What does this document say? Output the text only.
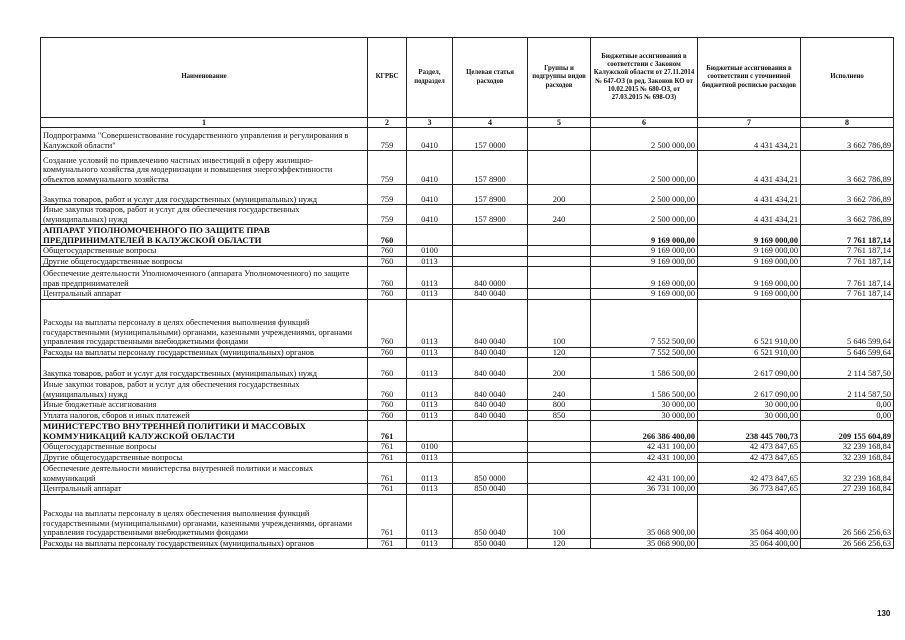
Наименование	КГРБС	Раздел, подраздел	Целевая статья расходов	Группы и подгруппы видов расходов	Бюджетные ассигнования в соответствии с Законом Калужской области от 27.11.2014 № 647-ОЗ (в ред. Законов КО от 10.02.2015 № 680-ОЗ, от 27.03.2015 № 698-ОЗ)	Бюджетные ассигнования в соответствии с уточненной бюджетной росписью расходов	Исполнено
1	2	3	4	5	6	7	8
Подпрограмма "Совершенствование государственного управления и регулирования в Калужской области"	759	0410	157 0000		2 500 000,00	4 431 434,21	3 662 786,89
Создание условий по привлечению частных инвестиций в сферу жилищно-коммунального хозяйства для модернизации и повышения энергоэффективности объектов коммунального хозяйства	759	0410	157 8900		2 500 000,00	4 431 434,21	3 662 786,89
Закупка товаров, работ и услуг для государственных (муниципальных) нужд	759	0410	157 8900	200	2 500 000,00	4 431 434,21	3 662 786,89
Иные закупки товаров, работ и услуг для обеспечения государственных (муниципальных) нужд	759	0410	157 8900	240	2 500 000,00	4 431 434,21	3 662 786,89
АППАРАТ УПОЛНОМОЧЕННОГО ПО ЗАЩИТЕ ПРАВ ПРЕДПРИНИМАТЕЛЕЙ В КАЛУЖСКОЙ ОБЛАСТИ	760				9 169 000,00	9 169 000,00	7 761 187,14
Общегосударственные вопросы	760	0100			9 169 000,00	9 169 000,00	7 761 187,14
Другие общегосударственные вопросы	760	0113			9 169 000,00	9 169 000,00	7 761 187,14
Обеспечение деятельности Уполномоченного (аппарата Уполномоченного) по защите прав предпринимателей	760	0113	840 0000		9 169 000,00	9 169 000,00	7 761 187,14
Центральный аппарат	760	0113	840 0040		9 169 000,00	9 169 000,00	7 761 187,14
Расходы на выплаты персоналу в целях обеспечения выполнения функций государственными (муниципальными) органами, казенными учреждениями, органами управления государственными внебюджетными фондами	760	0113	840 0040	100	7 552 500,00	6 521 910,00	5 646 599,64
Расходы на выплаты персоналу государственных (муниципальных) органов	760	0113	840 0040	120	7 552 500,00	6 521 910,00	5 646 599,64
Закупка товаров, работ и услуг для государственных (муниципальных) нужд	760	0113	840 0040	200	1 586 500,00	2 617 090,00	2 114 587,50
Иные закупки товаров, работ и услуг для обеспечения государственных (муниципальных) нужд	760	0113	840 0040	240	1 586 500,00	2 617 090,00	2 114 587,50
Иные бюджетные ассигнования	760	0113	840 0040	800	30 000,00	30 000,00	0,00
Уплата налогов, сборов и иных платежей	760	0113	840 0040	850	30 000,00	30 000,00	0,00
МИНИСТЕРСТВО ВНУТРЕННЕЙ ПОЛИТИКИ И МАССОВЫХ КОММУНИКАЦИЙ КАЛУЖСКОЙ ОБЛАСТИ	761				266 386 400,00	238 445 700,73	209 155 604,89
Общегосударственные вопросы	761	0100			42 431 100,00	42 473 847,65	32 239 168,84
Другие общегосударственные вопросы	761	0113			42 431 100,00	42 473 847,65	32 239 168,84
Обеспечение деятельности министерства внутренней политики и массовых коммуникаций	761	0113	850 0000		42 431 100,00	42 473 847,65	32 239 168,84
Центральный аппарат	761	0113	850 0040		36 731 100,00	36 773 847,65	27 239 168,84
Расходы на выплаты персоналу в целях обеспечения выполнения функций государственными (муниципальными) органами, казенными учреждениями, органами управления государственными внебюджетными фондами	761	0113	850 0040	100	35 068 900,00	35 064 400,00	26 566 256,63
Расходы на выплаты персоналу государственных (муниципальных) органов	761	0113	850 0040	120	35 068 900,00	35 064 400,00	26 566 256,63
130
